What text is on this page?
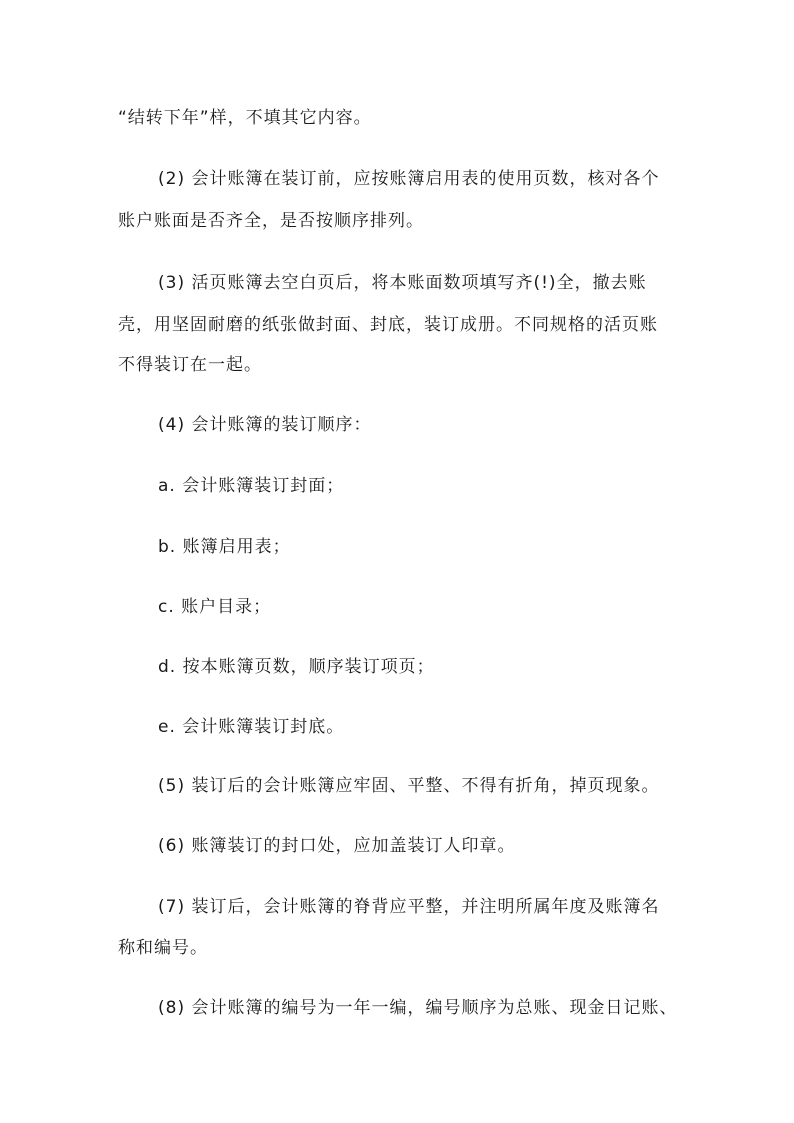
“结转下年”样，不填其它内容。
(2) 会计账簿在装订前，应按账簿启用表的使用页数，核对各个
账户账面是否齐全，是否按顺序排列。
(3) 活页账簿去空白页后，将本账面数项填写齐(!)全，撤去账
壳，用坚固耐磨的纸张做封面、封底，装订成册。不同规格的活页账
不得装订在一起。
(4) 会计账簿的装订顺序：
a. 会计账簿装订封面；
b. 账簿启用表；
c. 账户目录；
d. 按本账簿页数，顺序装订项页；
e. 会计账簿装订封底。
(5) 装订后的会计账簿应牢固、平整、不得有折角，掉页现象。
(6) 账簿装订的封口处，应加盖装订人印章。
(7) 装订后，会计账簿的脊背应平整，并注明所属年度及账簿名
称和编号。
(8) 会计账簿的编号为一年一编，编号顺序为总账、现金日记账、
